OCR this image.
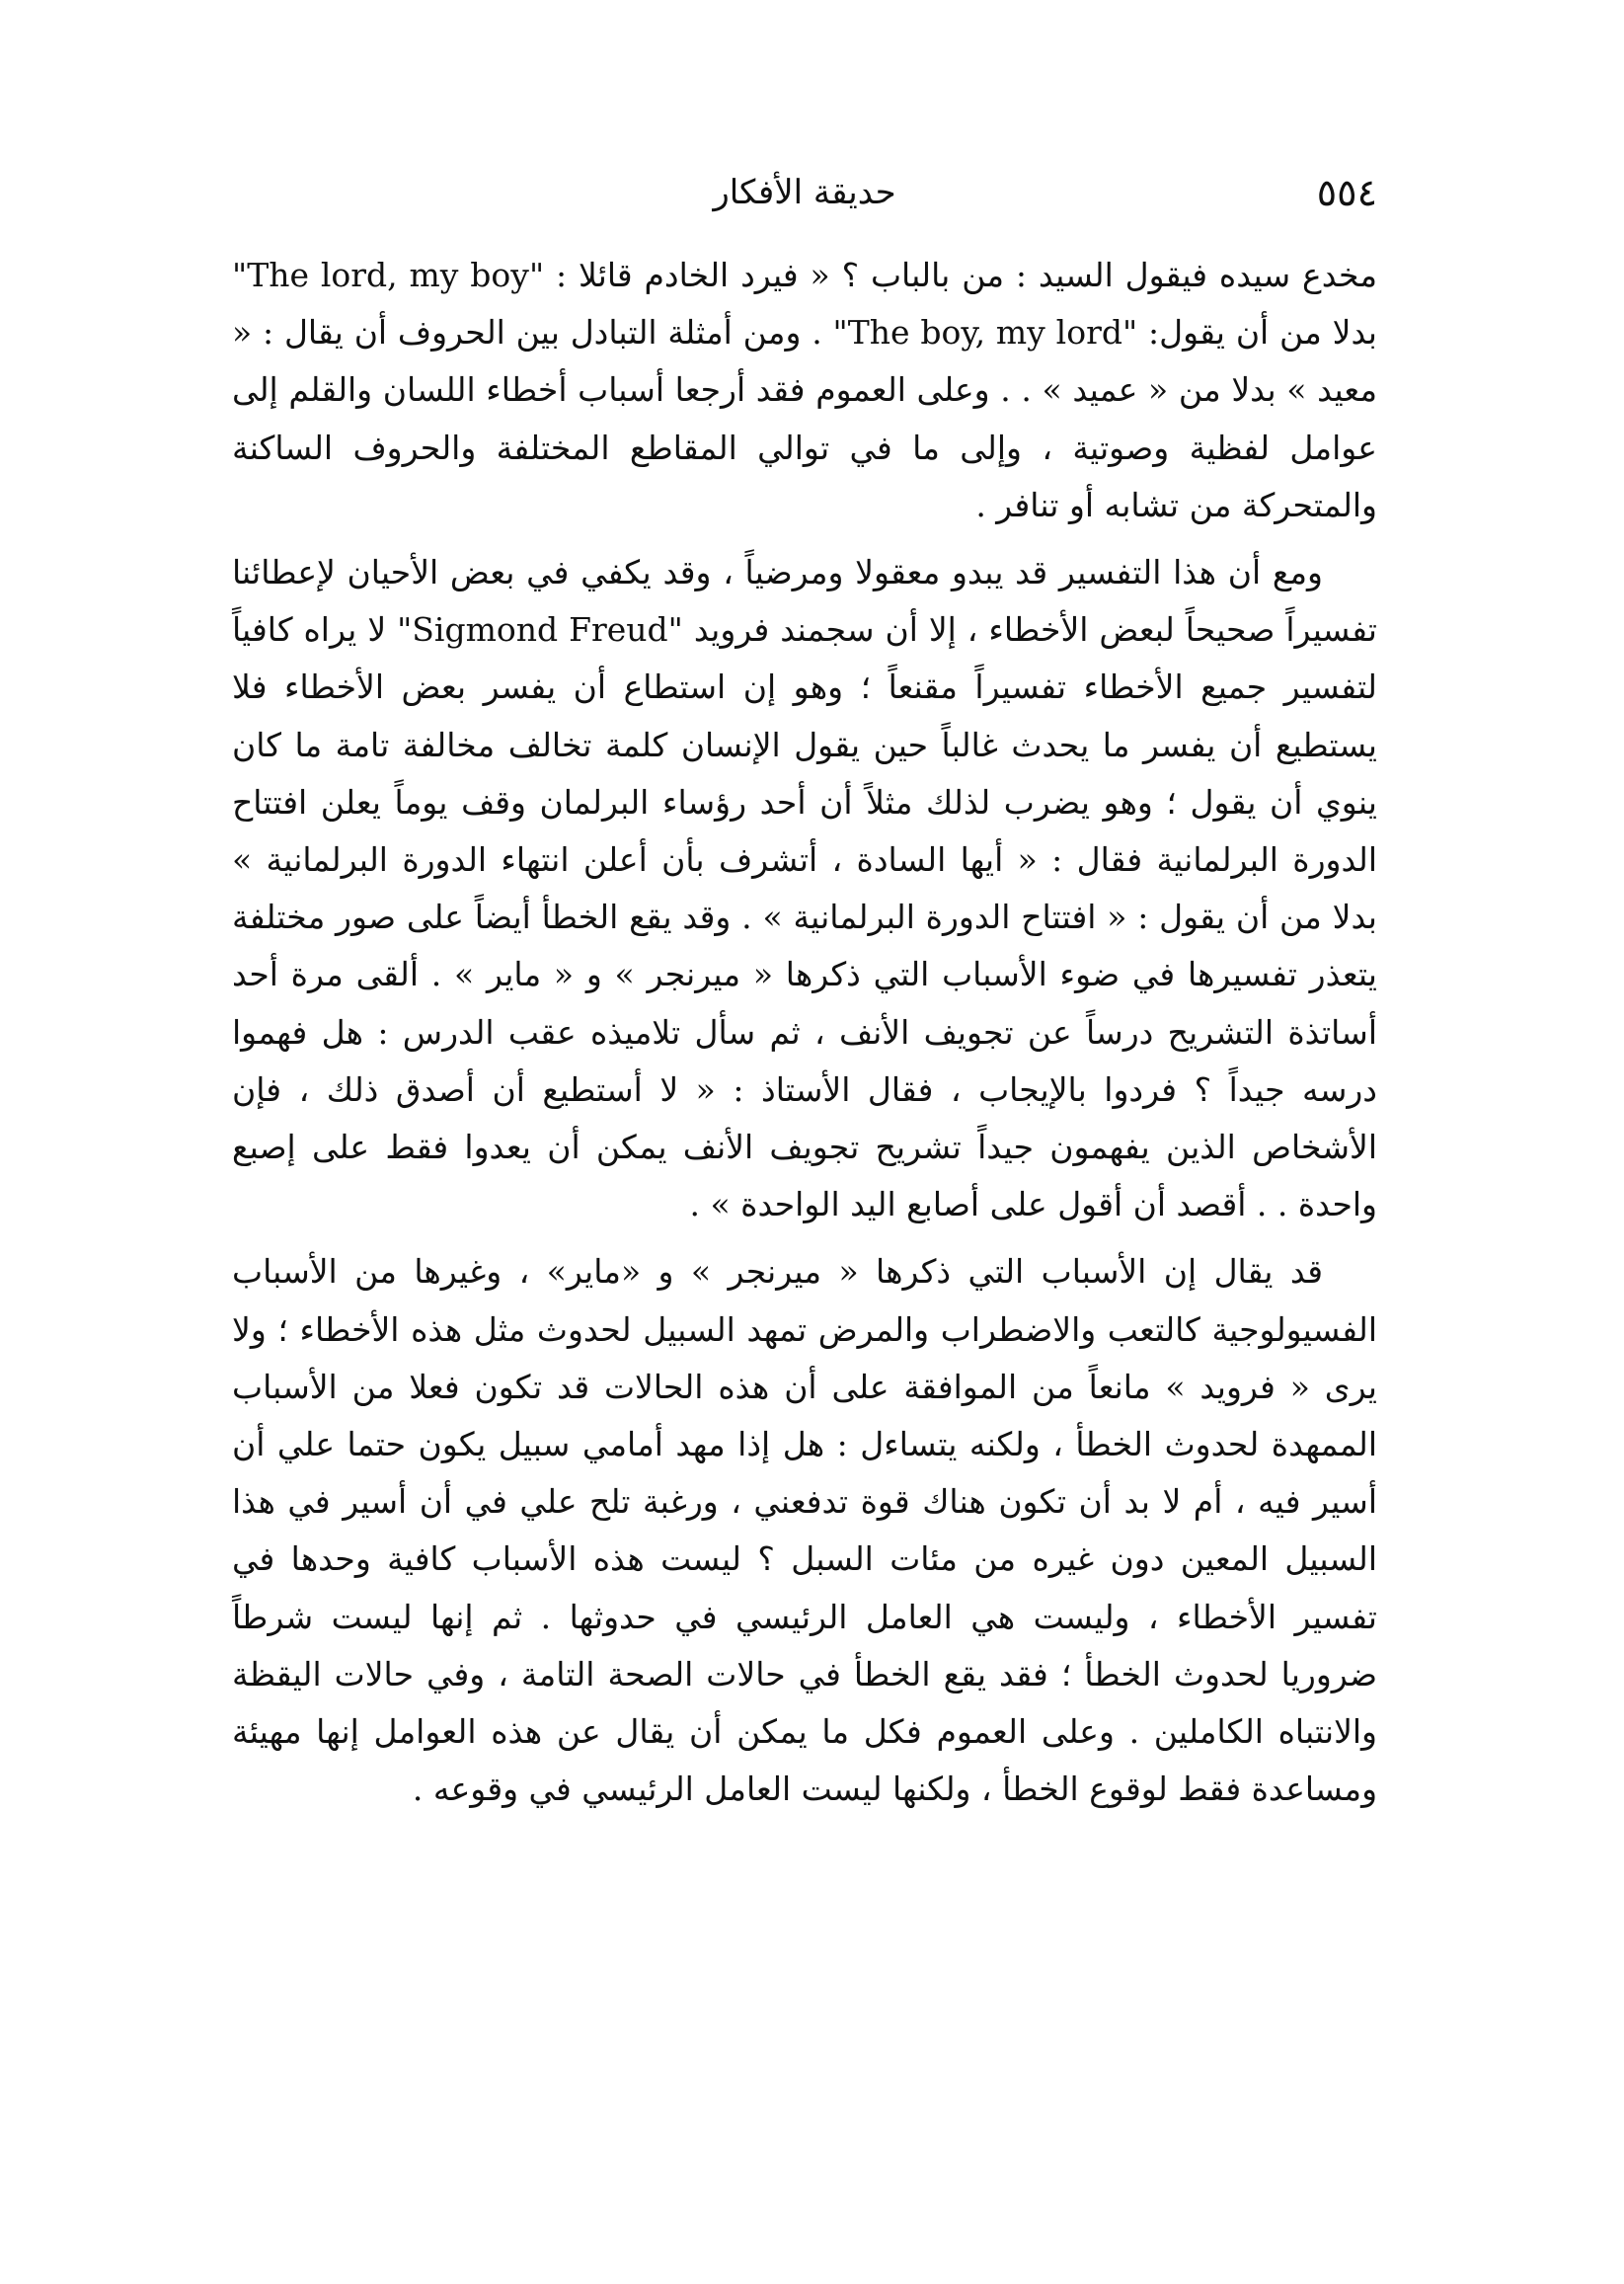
٥٥٤
حديقة الأفكار

مخدع سيده فيقول السيد : من بالباب ؟ « فيرد الخادم قائلا : "The lord, my boy" بدلا من أن يقول: "The boy, my lord" . ومن أمثلة التبادل بين الحروف أن يقال : « معيد » بدلا من « عميد » . . وعلى العموم فقد أرجعا أسباب أخطاء اللسان والقلم إلى عوامل لفظية وصوتية ، وإلى ما في توالي المقاطع المختلفة والحروف الساكنة والمتحركة من تشابه أو تنافر .

ومع أن هذا التفسير قد يبدو معقولا ومرضياً ، وقد يكفي في بعض الأحيان لإعطائنا تفسيراً صحيحاً لبعض الأخطاء ، إلا أن سجمند فرويد "Sigmond Freud" لا يراه كافياً لتفسير جميع الأخطاء تفسيراً مقنعاً ؛ وهو إن استطاع أن يفسر بعض الأخطاء فلا يستطيع أن يفسر ما يحدث غالباً حين يقول الإنسان كلمة تخالف مخالفة تامة ما كان ينوي أن يقول ؛ وهو يضرب لذلك مثلاً أن أحد رؤساء البرلمان وقف يوماً يعلن افتتاح الدورة البرلمانية فقال : « أيها السادة ، أتشرف بأن أعلن انتهاء الدورة البرلمانية » بدلا من أن يقول : « افتتاح الدورة البرلمانية » . وقد يقع الخطأ أيضاً على صور مختلفة يتعذر تفسيرها في ضوء الأسباب التي ذكرها « ميرنجر » و « ماير » . ألقى مرة أحد أساتذة التشريح درساً عن تجويف الأنف ، ثم سأل تلاميذه عقب الدرس : هل فهموا درسه جيداً ؟ فردوا بالإيجاب ، فقال الأستاذ : « لا أستطيع أن أصدق ذلك ، فإن الأشخاص الذين يفهمون جيداً تشريح تجويف الأنف يمكن أن يعدوا فقط على إصبع واحدة . . أقصد أن أقول على أصابع اليد الواحدة » .

قد يقال إن الأسباب التي ذكرها « ميرنجر » و «ماير» ، وغيرها من الأسباب الفسيولوجية كالتعب والاضطراب والمرض تمهد السبيل لحدوث مثل هذه الأخطاء ؛ ولا يرى « فرويد » مانعاً من الموافقة على أن هذه الحالات قد تكون فعلا من الأسباب الممهدة لحدوث الخطأ ، ولكنه يتساءل : هل إذا مهد أمامي سبيل يكون حتما علي أن أسير فيه ، أم لا بد أن تكون هناك قوة تدفعني ، ورغبة تلح علي في أن أسير في هذا السبيل المعين دون غيره من مئات السبل ؟ ليست هذه الأسباب كافية وحدها في تفسير الأخطاء ، وليست هي العامل الرئيسي في حدوثها . ثم إنها ليست شرطاً ضروريا لحدوث الخطأ ؛ فقد يقع الخطأ في حالات الصحة التامة ، وفي حالات اليقظة والانتباه الكاملين . وعلى العموم فكل ما يمكن أن يقال عن هذه العوامل إنها مهيئة ومساعدة فقط لوقوع الخطأ ، ولكنها ليست العامل الرئيسي في وقوعه .
